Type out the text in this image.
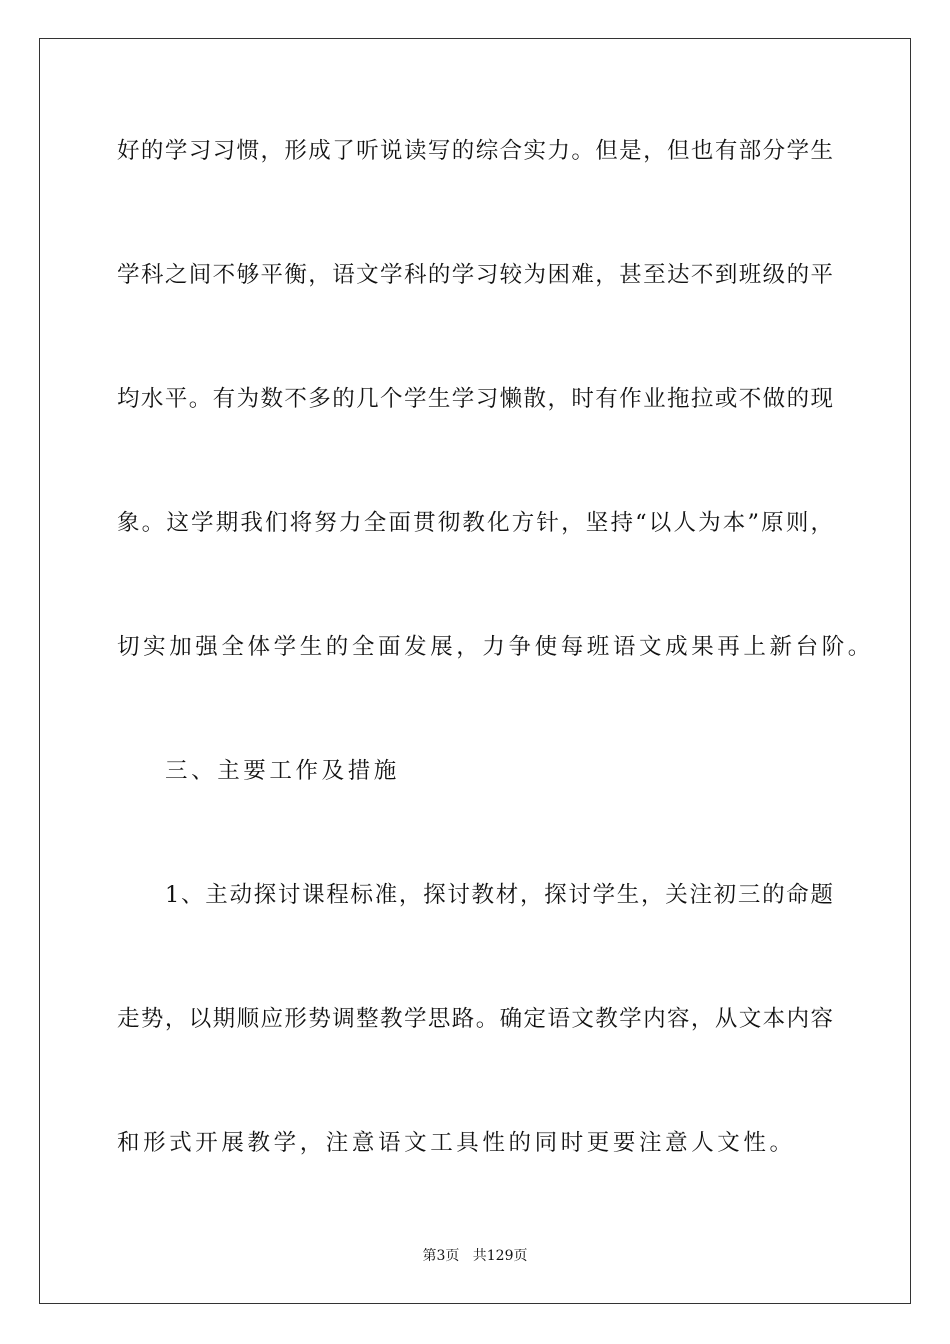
好的学习习惯，形成了听说读写的综合实力。但是，但也有部分学生
学科之间不够平衡，语文学科的学习较为困难，甚至达不到班级的平
均水平。有为数不多的几个学生学习懒散，时有作业拖拉或不做的现
象。这学期我们将努力全面贯彻教化方针，坚持“以人为本”原则，
切实加强全体学生的全面发展，力争使每班语文成果再上新台阶。
三、主要工作及措施
1、主动探讨课程标准，探讨教材，探讨学生，关注初三的命题
走势，以期顺应形势调整教学思路。确定语文教学内容，从文本内容
和形式开展教学，注意语文工具性的同时更要注意人文性。
第3页   共129页
